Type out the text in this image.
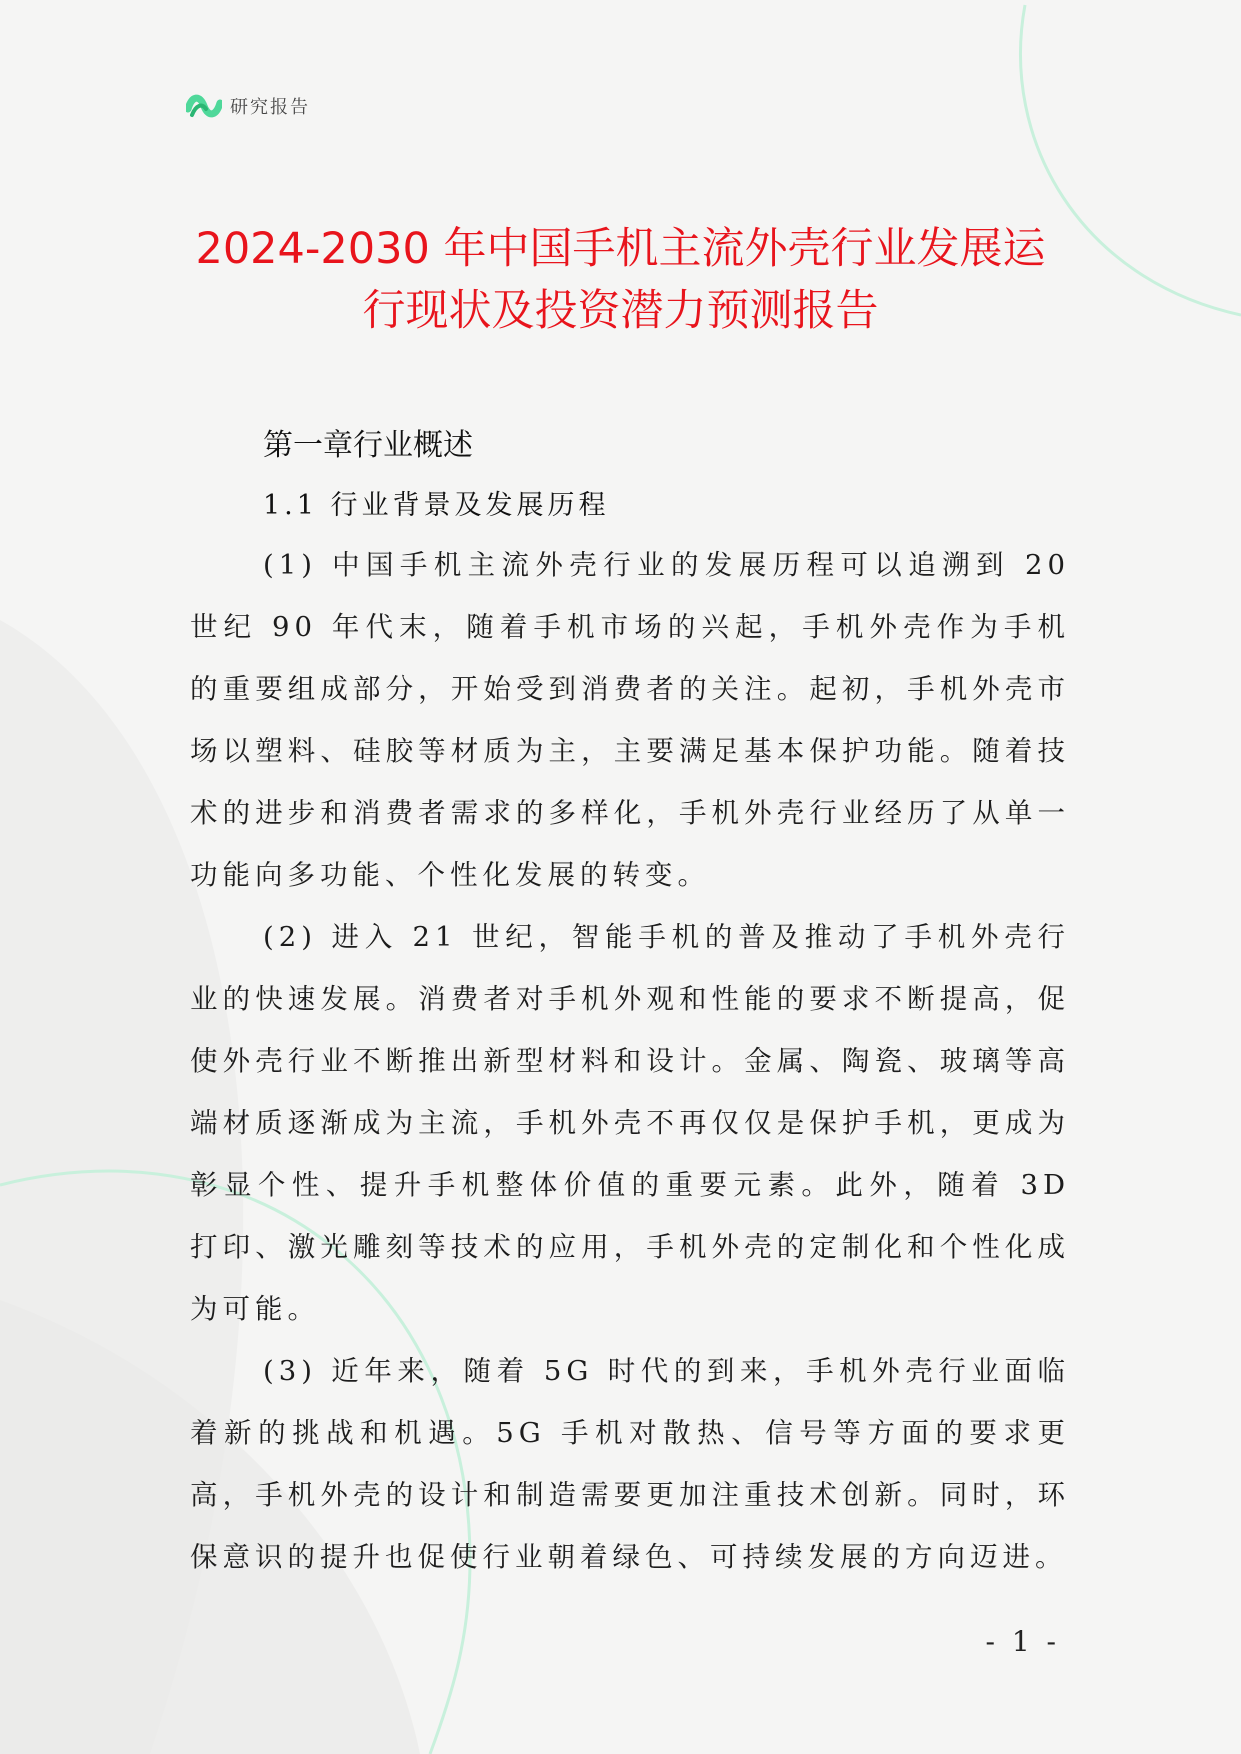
研究报告
2024-2030 年中国手机主流外壳行业发展运
行现状及投资潜力预测报告
第一章行业概述
1.1 行业背景及发展历程

(1) 中国手机主流外壳行业的发展历程可以追溯到 20 世纪 90 年代末，随着手机市场的兴起，手机外壳作为手机的重要组成部分，开始受到消费者的关注。起初，手机外壳市场以塑料、硅胶等材质为主，主要满足基本保护功能。随着技术的进步和消费者需求的多样化，手机外壳行业经历了从单一功能向多功能、个性化发展的转变。

(2) 进入 21 世纪，智能手机的普及推动了手机外壳行业的快速发展。消费者对手机外观和性能的要求不断提高，促使外壳行业不断推出新型材料和设计。金属、陶瓷、玻璃等高端材质逐渐成为主流，手机外壳不再仅仅是保护手机，更成为彰显个性、提升手机整体价值的重要元素。此外，随着 3D 打印、激光雕刻等技术的应用，手机外壳的定制化和个性化成为可能。

(3) 近年来，随着 5G 时代的到来，手机外壳行业面临着新的挑战和机遇。5G 手机对散热、信号等方面的要求更高，手机外壳的设计和制造需要更加注重技术创新。同时，环保意识的提升也促使行业朝着绿色、可持续发展的方向迈进。

- 1 -
